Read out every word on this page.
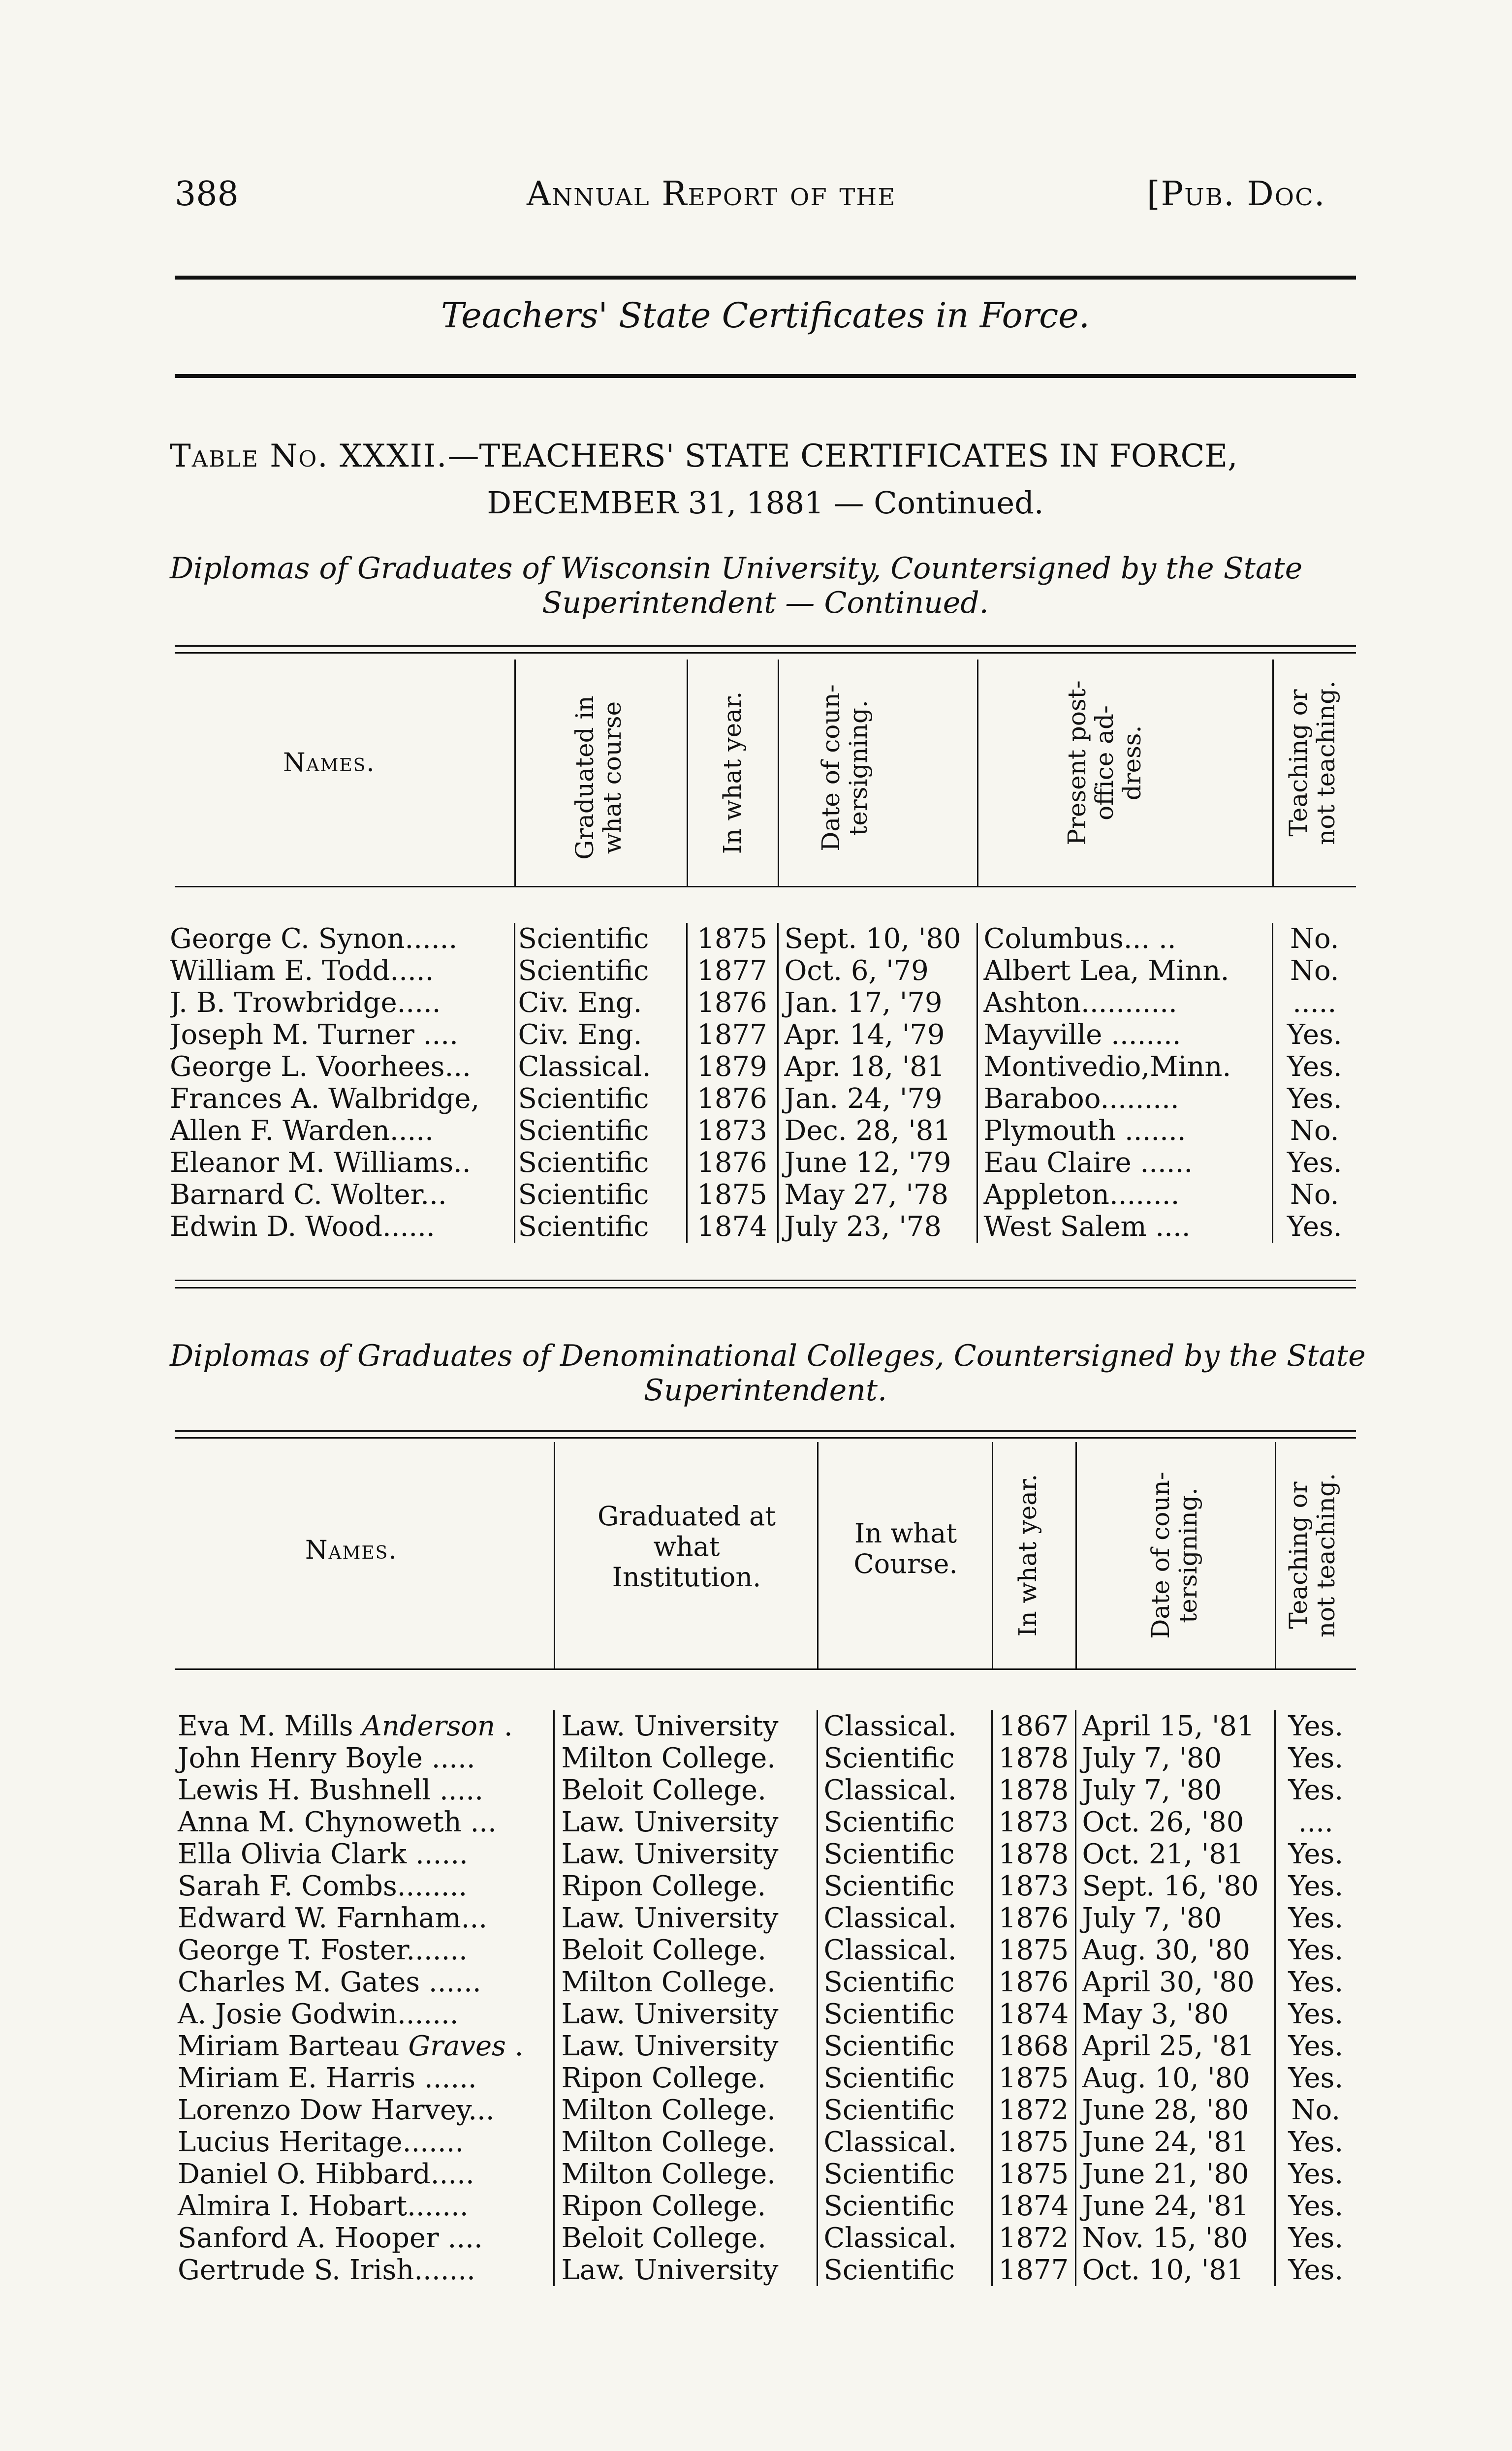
388	Annual Report of the	[Pub. Doc.
Teachers' State Certificates in Force.
Table No. XXXII.—TEACHERS' STATE CERTIFICATES IN FORCE,
DECEMBER 31, 1881 — Continued.
Diplomas of Graduates of Wisconsin University, Countersigned by the State
Superintendent — Continued.
Names.	Graduated in
what course	In what year.	Date of coun-
tersigning.	Present post-
office ad-
dress.	Teaching or
not teaching.
George C. Synon......	Scientific	1875	Sept. 10, '80	Columbus... ..	No.
William E. Todd.....	Scientific	1877	Oct. 6, '79	Albert Lea, Minn.	No.
J. B. Trowbridge.....	Civ. Eng.	1876	Jan. 17, '79	Ashton...........	.....
Joseph M. Turner ....	Civ. Eng.	1877	Apr. 14, '79	Mayville ........	Yes.
George L. Voorhees...	Classical.	1879	Apr. 18, '81	Montivedio,Minn.	Yes.
Frances A. Walbridge,	Scientific	1876	Jan. 24, '79	Baraboo.........	Yes.
Allen F. Warden.....	Scientific	1873	Dec. 28, '81	Plymouth .......	No.
Eleanor M. Williams..	Scientific	1876	June 12, '79	Eau Claire ......	Yes.
Barnard C. Wolter...	Scientific	1875	May 27, '78	Appleton........	No.
Edwin D. Wood......	Scientific	1874	July 23, '78	West Salem ....	Yes.
Diplomas of Graduates of Denominational Colleges, Countersigned by the State
Superintendent.
Names.
Graduated at
what
Institution.
In what
Course.	In what year.	Date of coun-
tersigning.	Teaching or
not teaching.
Eva M. Mills Anderson .	Law. University	Classical.	1867	April 15, '81	Yes.
John Henry Boyle .....	Milton College.	Scientific	1878	July 7, '80	Yes.
Lewis H. Bushnell .....	Beloit College.	Classical.	1878	July 7, '80	Yes.
Anna M. Chynoweth ...	Law. University	Scientific	1873	Oct. 26, '80	....
Ella Olivia Clark ......	Law. University	Scientific	1878	Oct. 21, '81	Yes.
Sarah F. Combs........	Ripon College.	Scientific	1873	Sept. 16, '80	Yes.
Edward W. Farnham...	Law. University	Classical.	1876	July 7, '80	Yes.
George T. Foster.......	Beloit College.	Classical.	1875	Aug. 30, '80	Yes.
Charles M. Gates ......	Milton College.	Scientific	1876	April 30, '80	Yes.
A. Josie Godwin.......	Law. University	Scientific	1874	May 3, '80	Yes.
Miriam Barteau Graves .	Law. University	Scientific	1868	April 25, '81	Yes.
Miriam E. Harris ......	Ripon College.	Scientific	1875	Aug. 10, '80	Yes.
Lorenzo Dow Harvey...	Milton College.	Scientific	1872	June 28, '80	No.
Lucius Heritage.......	Milton College.	Classical.	1875	June 24, '81	Yes.
Daniel O. Hibbard.....	Milton College.	Scientific	1875	June 21, '80	Yes.
Almira I. Hobart.......	Ripon College.	Scientific	1874	June 24, '81	Yes.
Sanford A. Hooper ....	Beloit College.	Classical.	1872	Nov. 15, '80	Yes.
Gertrude S. Irish.......	Law. University	Scientific	1877	Oct. 10, '81	Yes.
